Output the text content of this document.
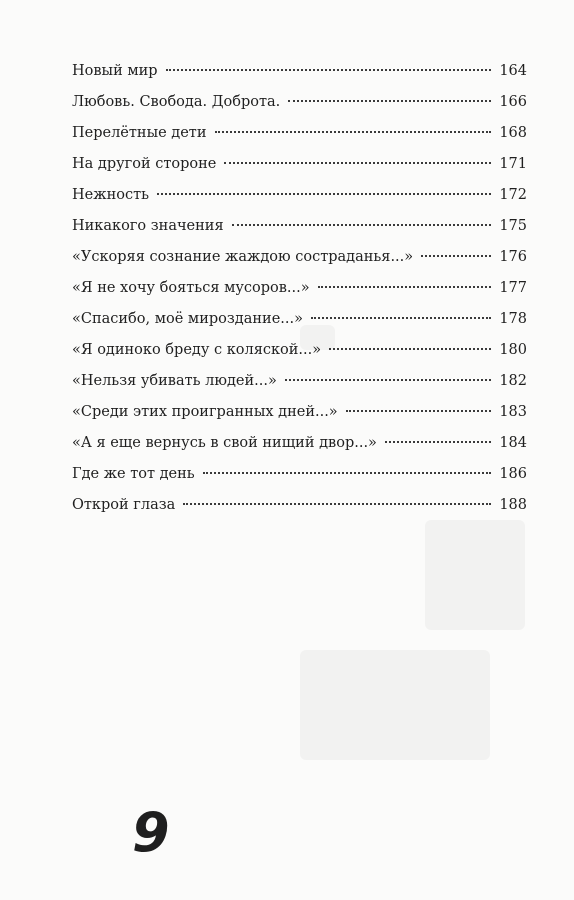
Новый мир	164
Любовь. Свобода. Доброта.	166
Перелётные дети	168
На другой стороне	171
Нежность	172
Никакого значения	175
«Ускоряя сознание жаждою состраданья...»	176
«Я не хочу бояться мусоров...»	177
«Спасибо, моё мироздание...»	178
«Я одиноко бреду с коляской...»	180
«Нельзя убивать людей...»	182
«Среди этих проигранных дней...»	183
«А я еще вернусь в свой нищий двор...»	184
Где же тот день	186
Открой глаза	188
9
